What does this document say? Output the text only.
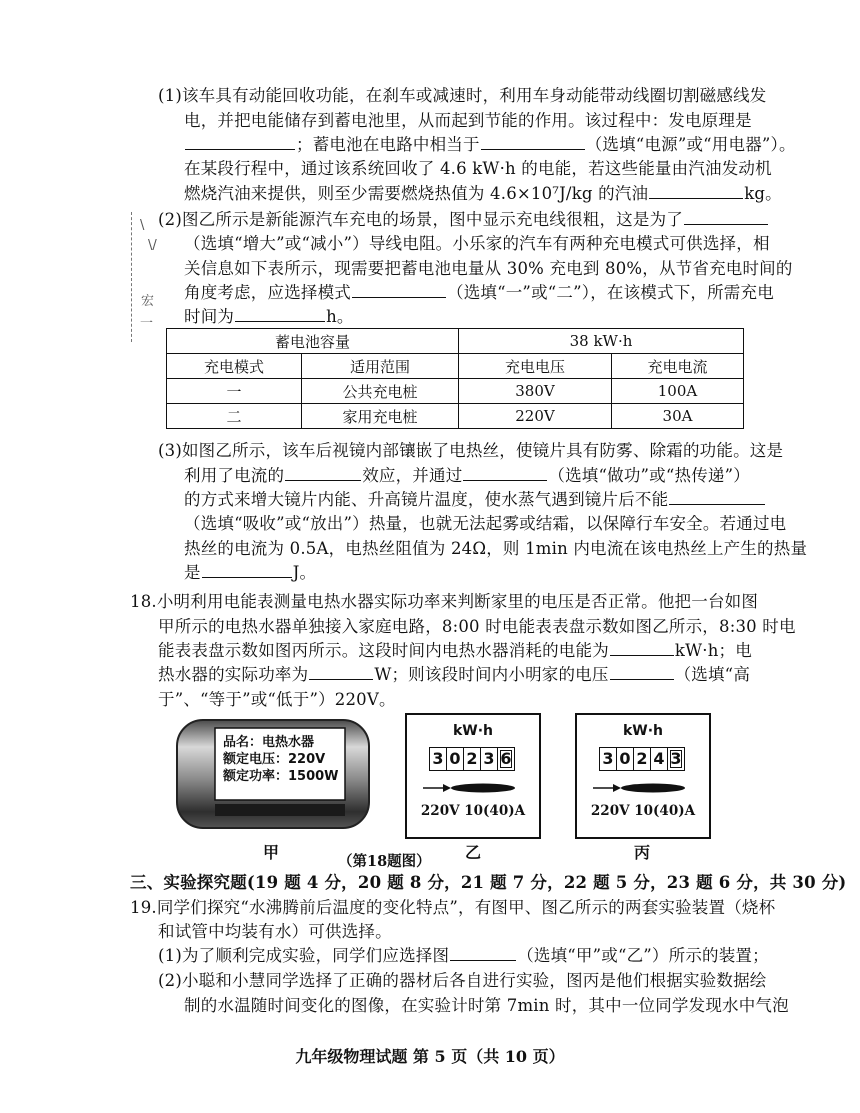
\
\/
宏
一
(1)该车具有动能回收功能，在刹车或减速时，利用车身动能带动线圈切割磁感线发
电，并把电能储存到蓄电池里，从而起到节能的作用。该过程中：发电原理是
；蓄电池在电路中相当于	（选填“电源”或“用电器”）。
在某段行程中，通过该系统回收了 4.6 kW·h 的电能，若这些能量由汽油发动机
燃烧汽油来提供，则至少需要燃烧热值为 4.6×10⁷J/kg 的汽油	kg。
(2)图乙所示是新能源汽车充电的场景，图中显示充电线很粗，这是为了
（选填“增大”或“减小”）导线电阻。小乐家的汽车有两种充电模式可供选择，相
关信息如下表所示，现需要把蓄电池电量从 30% 充电到 80%，从节省充电时间的
角度考虑，应选择模式	（选填“一”或“二”），在该模式下，所需充电
时间为	h。
蓄电池容量		38 kW·h	
充电模式	适用范围	充电电压	充电电流
一	公共充电桩	380V	100A
二	家用充电桩	220V	30A
(3)如图乙所示，该车后视镜内部镶嵌了电热丝，使镜片具有防雾、除霜的功能。这是
利用了电流的	效应，并通过	（选填“做功”或“热传递”）
的方式来增大镜片内能、升高镜片温度，使水蒸气遇到镜片后不能
（选填“吸收”或“放出”）热量，也就无法起雾或结霜，以保障行车安全。若通过电
热丝的电流为 0.5A，电热丝阻值为 24Ω，则 1min 内电流在该电热丝上产生的热量
是	J。
18.小明利用电能表测量电热水器实际功率来判断家里的电压是否正常。他把一台如图
甲所示的电热水器单独接入家庭电路，8:00 时电能表表盘示数如图乙所示，8:30 时电
能表表盘示数如图丙所示。这段时间内电热水器消耗的电能为	kW·h；电
热水器的实际功率为	W；则该段时间内小明家的电压	（选填“高
于”、“等于”或“低于”）220V。
品名：电热水器
额定电压：220V
额定功率：1500W
kW·h
3 0 2 3 6
220V 10(40)A
kW·h
3 0 2 4 3
220V 10(40)A
甲	乙	丙
（第18题图）
三、实验探究题(19 题 4 分，20 题 8 分，21 题 7 分，22 题 5 分，23 题 6 分，共 30 分)
19.同学们探究“水沸腾前后温度的变化特点”，有图甲、图乙所示的两套实验装置（烧杯
和试管中均装有水）可供选择。
(1)为了顺利完成实验，同学们应选择图	（选填“甲”或“乙”）所示的装置；
(2)小聪和小慧同学选择了正确的器材后各自进行实验，图丙是他们根据实验数据绘
制的水温随时间变化的图像，在实验计时第 7min 时，其中一位同学发现水中气泡
九年级物理试题 第 5 页（共 10 页）
